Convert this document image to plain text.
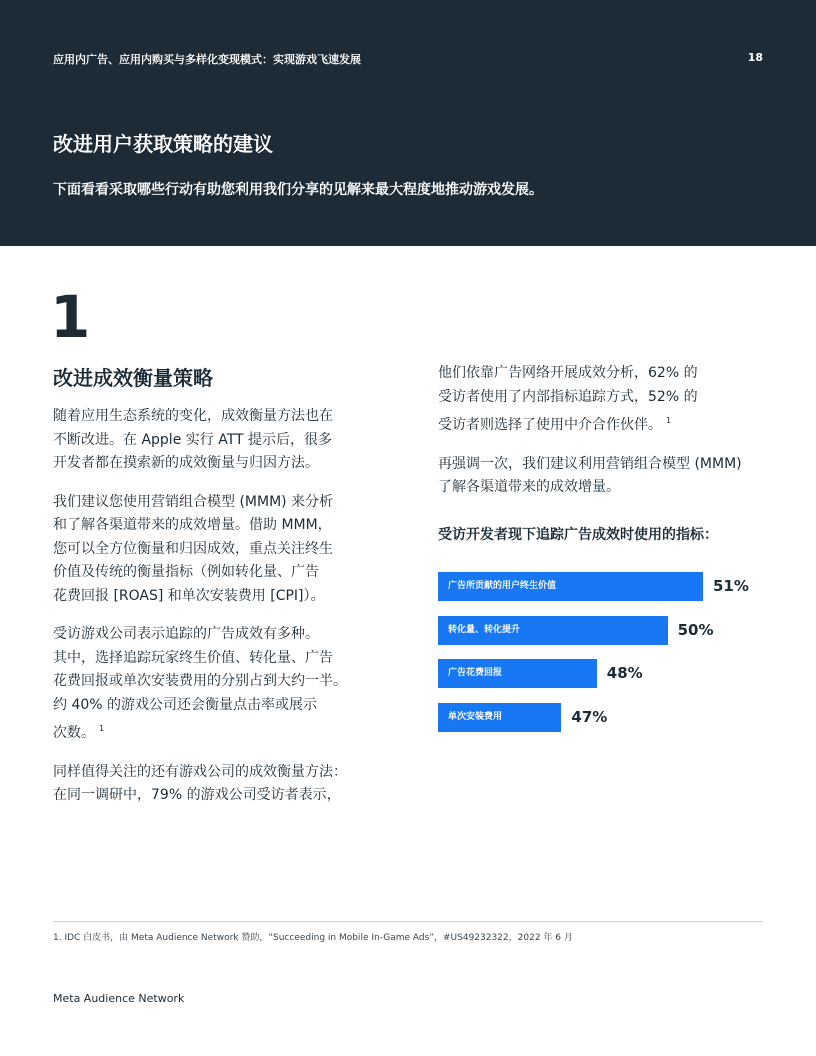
应用内广告、应用内购买与多样化变现模式：实现游戏飞速发展	18
改进用户获取策略的建议
下面看看采取哪些行动有助您利用我们分享的见解来最大程度地推动游戏发展。
1
改进成效衡量策略

随着应用生态系统的变化，成效衡量方法也在
不断改进。在 Apple 实行 ATT 提示后，很多
开发者都在摸索新的成效衡量与归因方法。

我们建议您使用营销组合模型 (MMM) 来分析
和了解各渠道带来的成效增量。借助 MMM，
您可以全方位衡量和归因成效，重点关注终生
价值及传统的衡量指标（例如转化量、广告
花费回报 [ROAS] 和单次安装费用 [CPI]）。

受访游戏公司表示追踪的广告成效有多种。
其中，选择追踪玩家终生价值、转化量、广告
花费回报或单次安装费用的分别占到大约一半。
约 40% 的游戏公司还会衡量点击率或展示
次数。 $^1$

同样值得关注的还有游戏公司的成效衡量方法：
在同一调研中，79% 的游戏公司受访者表示，

他们依靠广告网络开展成效分析，62% 的
受访者使用了内部指标追踪方式，52% 的
受访者则选择了使用中介合作伙伴。 $^1$

再强调一次，我们建议利用营销组合模型 (MMM)
了解各渠道带来的成效增量。

受访开发者现下追踪广告成效时使用的指标：
广告所贡献的用户终生价值	51%
转化量、转化提升	50%
广告花费回报	48%
单次安装费用	47%
1. IDC 白皮书，由 Meta Audience Network 赞助，“Succeeding in Mobile In-Game Ads”，#US49232322，2022 年 6 月
Meta Audience Network
